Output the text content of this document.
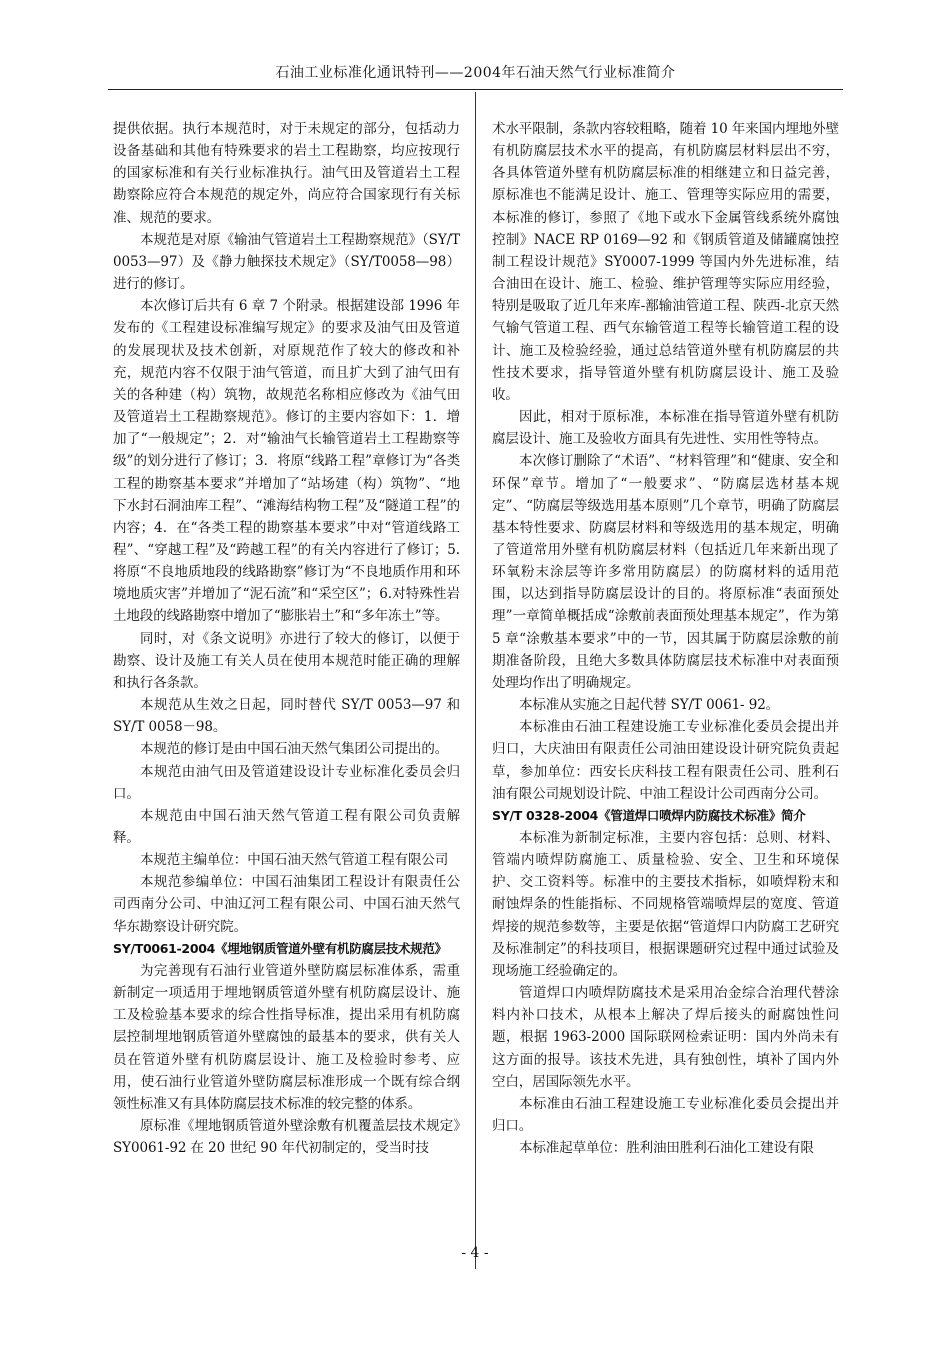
石油工业标准化通讯特刊——2004年石油天然气行业标准简介

提供依据。执行本规范时，对于未规定的部分，包括动力设备基础和其他有特殊要求的岩土工程勘察，均应按现行的国家标准和有关行业标准执行。油气田及管道岩土工程勘察除应符合本规范的规定外，尚应符合国家现行有关标准、规范的要求。

本规范是对原《输油气管道岩土工程勘察规范》（SY/T 0053—97）及《静力触探技术规定》（SY/T0058—98）进行的修订。

本次修订后共有 6 章 7 个附录。根据建设部 1996 年发布的《工程建设标准编写规定》的要求及油气田及管道的发展现状及技术创新，对原规范作了较大的修改和补充，规范内容不仅限于油气管道，而且扩大到了油气田有关的各种建（构）筑物，故规范名称相应修改为《油气田及管道岩土工程勘察规范》。修订的主要内容如下：1．增加了“一般规定”；2．对“输油气长输管道岩土工程勘察等级”的划分进行了修订；3．将原“线路工程”章修订为“各类工程的勘察基本要求”并增加了“站场建（构）筑物”、“地下水封石洞油库工程”、“滩海结构物工程”及“隧道工程”的内容；4．在“各类工程的勘察基本要求”中对“管道线路工程”、“穿越工程”及“跨越工程”的有关内容进行了修订；5.将原“不良地质地段的线路勘察”修订为“不良地质作用和环境地质灾害”并增加了“泥石流”和“采空区”；6.对特殊性岩土地段的线路勘察中增加了“膨胀岩土”和“多年冻土”等。

同时，对《条文说明》亦进行了较大的修订，以便于勘察、设计及施工有关人员在使用本规范时能正确的理解和执行各条款。

本规范从生效之日起，同时替代 SY/T 0053—97 和 SY/T 0058－98。

本规范的修订是由中国石油天然气集团公司提出的。

本规范由油气田及管道建设设计专业标准化委员会归口。

本规范由中国石油天然气管道工程有限公司负责解释。

本规范主编单位：中国石油天然气管道工程有限公司

本规范参编单位：中国石油集团工程设计有限责任公司西南分公司、中油辽河工程有限公司、中国石油天然气华东勘察设计研究院。

SY/T0061-2004《埋地钢质管道外壁有机防腐层技术规范》

为完善现有石油行业管道外壁防腐层标准体系，需重新制定一项适用于埋地钢质管道外壁有机防腐层设计、施工及检验基本要求的综合性指导标准，提出采用有机防腐层控制埋地钢质管道外壁腐蚀的最基本的要求，供有关人员在管道外壁有机防腐层设计、施工及检验时参考、应用，使石油行业管道外壁防腐层标准形成一个既有综合纲领性标准又有具体防腐层技术标准的较完整的体系。

原标准《埋地钢质管道外壁涂敷有机覆盖层技术规定》SY0061-92 在 20 世纪 90 年代初制定的，受当时技

术水平限制，条款内容较粗略，随着 10 年来国内埋地外壁有机防腐层技术水平的提高，有机防腐层材料层出不穷，各具体管道外壁有机防腐层标准的相继建立和日益完善，原标准也不能满足设计、施工、管理等实际应用的需要，本标准的修订，参照了《地下或水下金属管线系统外腐蚀控制》NACE RP 0169—92 和《钢质管道及储罐腐蚀控制工程设计规范》SY0007-1999 等国内外先进标准，结合油田在设计、施工、检验、维护管理等实际应用经验，特别是吸取了近几年来库-鄯输油管道工程、陕西-北京天然气输气管道工程、西气东输管道工程等长输管道工程的设计、施工及检验经验，通过总结管道外壁有机防腐层的共性技术要求，指导管道外壁有机防腐层设计、施工及验收。

因此，相对于原标准，本标准在指导管道外壁有机防腐层设计、施工及验收方面具有先进性、实用性等特点。

本次修订删除了“术语”、“材料管理”和“健康、安全和环保”章节。增加了“一般要求”、“防腐层选材基本规定”、“防腐层等级选用基本原则”几个章节，明确了防腐层基本特性要求、防腐层材料和等级选用的基本规定，明确了管道常用外壁有机防腐层材料（包括近几年来新出现了环氧粉末涂层等许多常用防腐层）的防腐材料的适用范围，以达到指导防腐层设计的目的。将原标准“表面预处理”一章简单概括成“涂敷前表面预处理基本规定”，作为第 5 章“涂敷基本要求”中的一节，因其属于防腐层涂敷的前期准备阶段，且绝大多数具体防腐层技术标准中对表面预处理均作出了明确规定。

本标准从实施之日起代替 SY/T 0061- 92。

本标准由石油工程建设施工专业标准化委员会提出并归口，大庆油田有限责任公司油田建设设计研究院负责起草，参加单位：西安长庆科技工程有限责任公司、胜利石油有限公司规划设计院、中油工程设计公司西南分公司。

SY/T 0328-2004《管道焊口喷焊内防腐技术标准》简介

本标准为新制定标准，主要内容包括：总则、材料、管端内喷焊防腐施工、质量检验、安全、卫生和环境保护、交工资料等。标准中的主要技术指标，如喷焊粉末和耐蚀焊条的性能指标、不同规格管端喷焊层的宽度、管道焊接的规范参数等，主要是依据“管道焊口内防腐工艺研究及标准制定”的科技项目，根据课题研究过程中通过试验及现场施工经验确定的。

管道焊口内喷焊防腐技术是采用冶金综合治理代替涂料内补口技术，从根本上解决了焊后接头的耐腐蚀性问题，根据 1963-2000 国际联网检索证明：国内外尚未有这方面的报导。该技术先进，具有独创性，填补了国内外空白，居国际领先水平。

本标准由石油工程建设施工专业标准化委员会提出并归口。

本标准起草单位：胜利油田胜利石油化工建设有限

- 4 -
